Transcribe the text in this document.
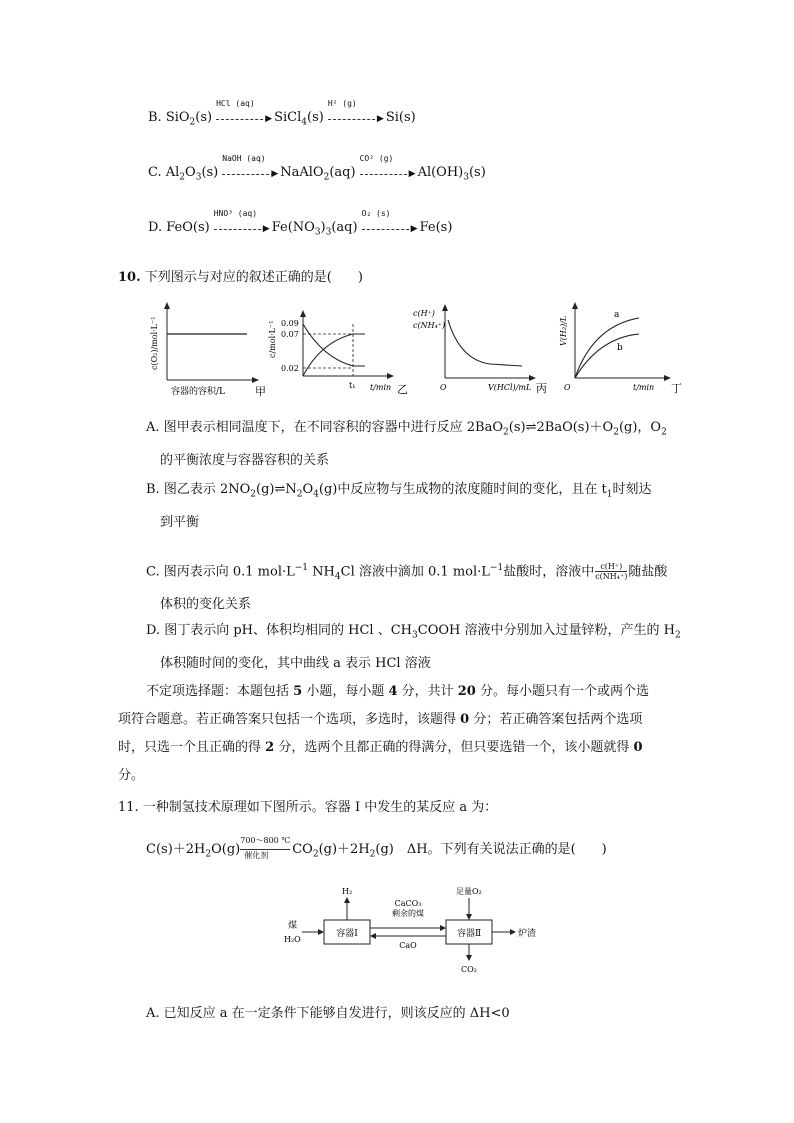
B. SiO$_2$(s)
HCl (aq)
▶ SiCl$_4$(s)
H² (g)
▶ Si(s)
C. $Al_2O_3(s)$
NaOH (aq)
▶ NaAlO$_2$(aq)
CO² (g)
▶ $Al(OH)_3(s)$
D. FeO(s)
HNO³ (aq)
▶ $Fe(NO_3)_3(aq)$
O₂ (s)
▶ Fe(s)
10. 下列图示与对应的叙述正确的是(　　)
c(O₂)/mol·L⁻¹
容器的容积/L	甲
c/mol·L⁻¹ 0.09
0.07
0.02
t₁ t/min 乙
c(H⁺)
c(NH₄⁺)
O	V(HCl)/mL 丙
V(H₂)/L
a
b
O	t/min 丁
A. 图甲表示相同温度下，在不同容积的容器中进行反应 $2BaO_2(s)\rightleftharpoons 2BaO(s)+O_2(g)$，$O_2$
的平衡浓度与容器容积的关系
B. 图乙表示 $2NO_2(g)\rightleftharpoons N_2O_4(g)$中反应物与生成物的浓度随时间的变化，且在 $t_1$时刻达
到平衡
C. 图丙表示向 0.1 $mol\cdot L^{-1}$ $NH_4Cl$ 溶液中滴加 0.1 $mol\cdot L^{-1}$盐酸时，溶液中 $\frac{c(H^+)}{\text{c(NH₄⁺)}}$ 随盐酸
体积的变化关系
D. 图丁表示向 pH、体积均相同的 HCl 、$CH_3COOH$ 溶液中分别加入过量锌粉，产生的 $H_2$
体积随时间的变化，其中曲线 a 表示 HCl 溶液
不定项选择题：本题包括 5 小题，每小题 4 分，共计 20 分。每小题只有一个或两个选
项符合题意。若正确答案只包括一个选项，多选时，该题得 0 分；若正确答案包括两个选项
时，只选一个且正确的得 2 分，选两个且都正确的得满分，但只要选错一个，该小题就得 0
分。
11. 一种制氢技术原理如下图所示。容器 I 中发生的某反应 a 为：
$C(s)+2H_2O(g)$
700～800 ℃
催化剂 $CO_2(g)+2H_2(g)$　ΔH。下列有关说法正确的是(　　)
容器Ⅰ	容器Ⅱ
煤
H₂O
H₂
CaCO₃
剩余的煤
CaO
足量O₂
炉渣
CO₂
A. 已知反应 a 在一定条件下能够自发进行，则该反应的 ΔH<0
